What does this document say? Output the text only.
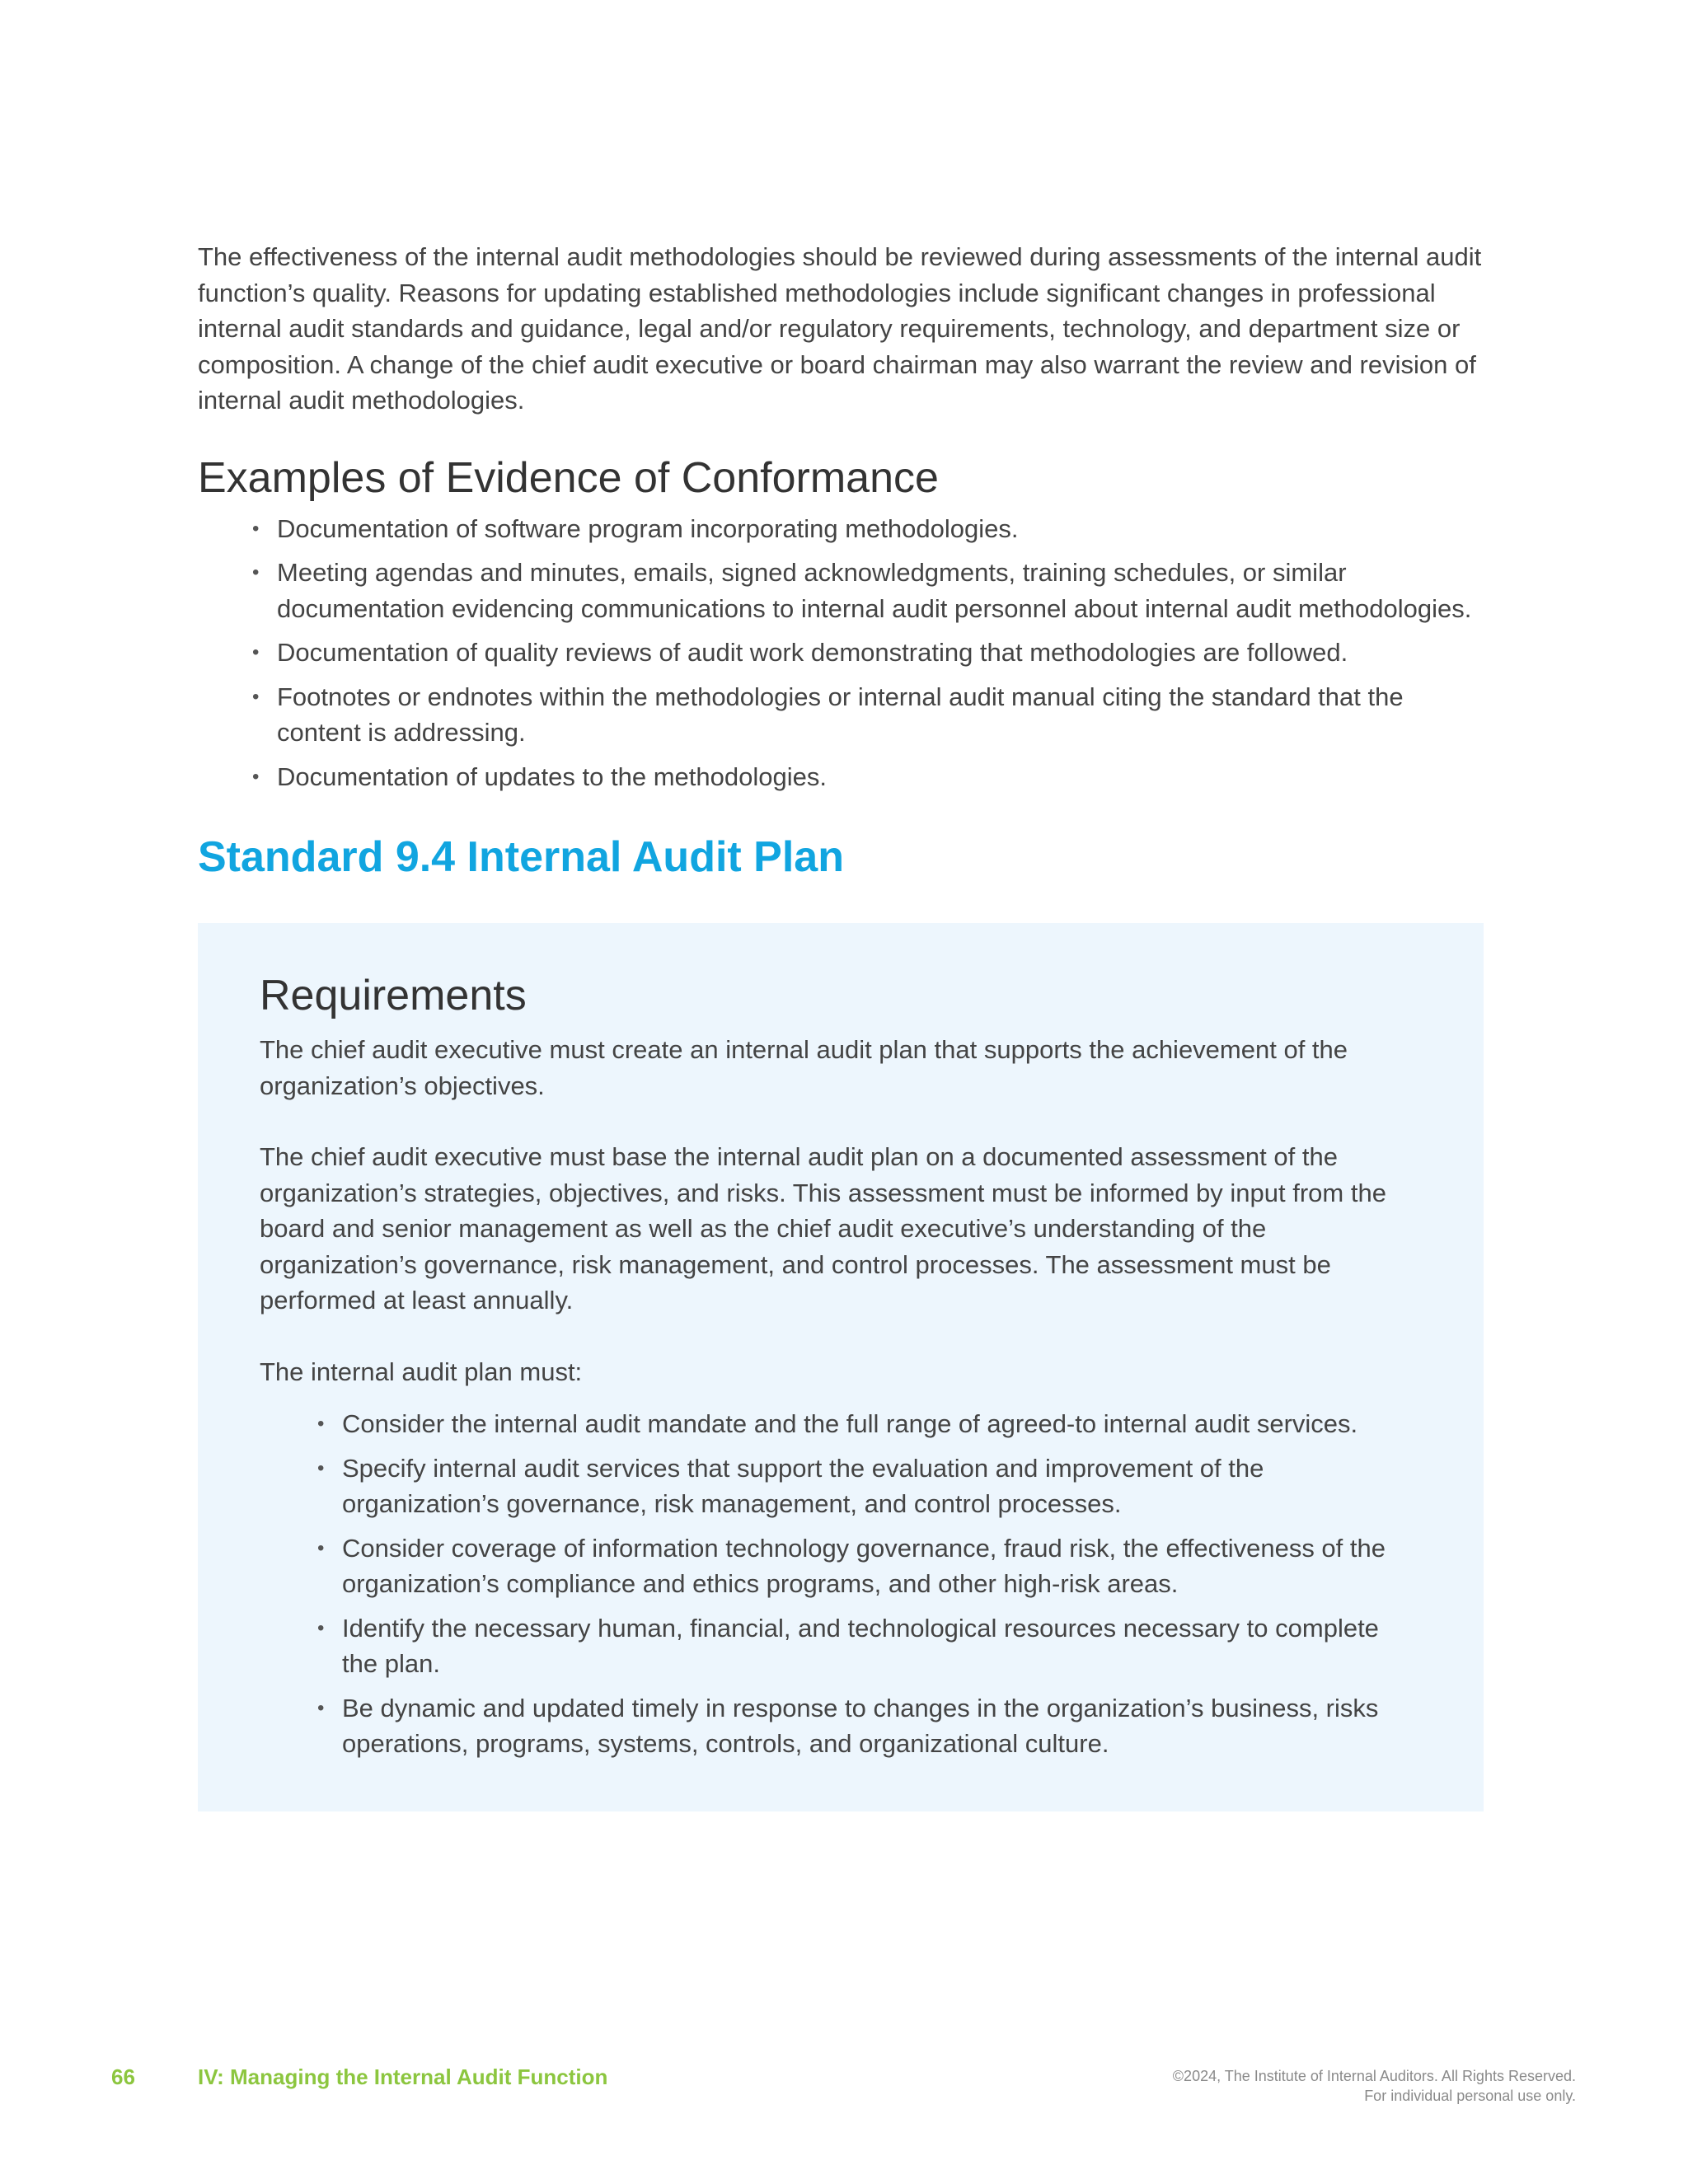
The effectiveness of the internal audit methodologies should be reviewed during assessments of the internal audit function’s quality. Reasons for updating established methodologies include significant changes in professional internal audit standards and guidance, legal and/or regulatory requirements, technology, and department size or composition. A change of the chief audit executive or board chairman may also warrant the review and revision of internal audit methodologies.

Examples of Evidence of Conformance
• Documentation of software program incorporating methodologies.
• Meeting agendas and minutes, emails, signed acknowledgments, training schedules, or similar documentation evidencing communications to internal audit personnel about internal audit methodologies.
• Documentation of quality reviews of audit work demonstrating that methodologies are followed.
• Footnotes or endnotes within the methodologies or internal audit manual citing the standard that the content is addressing.
• Documentation of updates to the methodologies.
Standard 9.4 Internal Audit Plan
Requirements

The chief audit executive must create an internal audit plan that supports the achievement of the organization’s objectives.

The chief audit executive must base the internal audit plan on a documented assessment of the organization’s strategies, objectives, and risks. This assessment must be informed by input from the board and senior management as well as the chief audit executive’s understanding of the organization’s governance, risk management, and control processes. The assessment must be performed at least annually.

The internal audit plan must:

• Consider the internal audit mandate and the full range of agreed-to internal audit services.
• Specify internal audit services that support the evaluation and improvement of the organization’s governance, risk management, and control processes.
• Consider coverage of information technology governance, fraud risk, the effectiveness of the organization’s compliance and ethics programs, and other high-risk areas.
• Identify the necessary human, financial, and technological resources necessary to complete the plan.
• Be dynamic and updated timely in response to changes in the organization’s business, risks operations, programs, systems, controls, and organizational culture.
66	IV: Managing the Internal Audit Function	©2024, The Institute of Internal Auditors. All Rights Reserved.
For individual personal use only.
